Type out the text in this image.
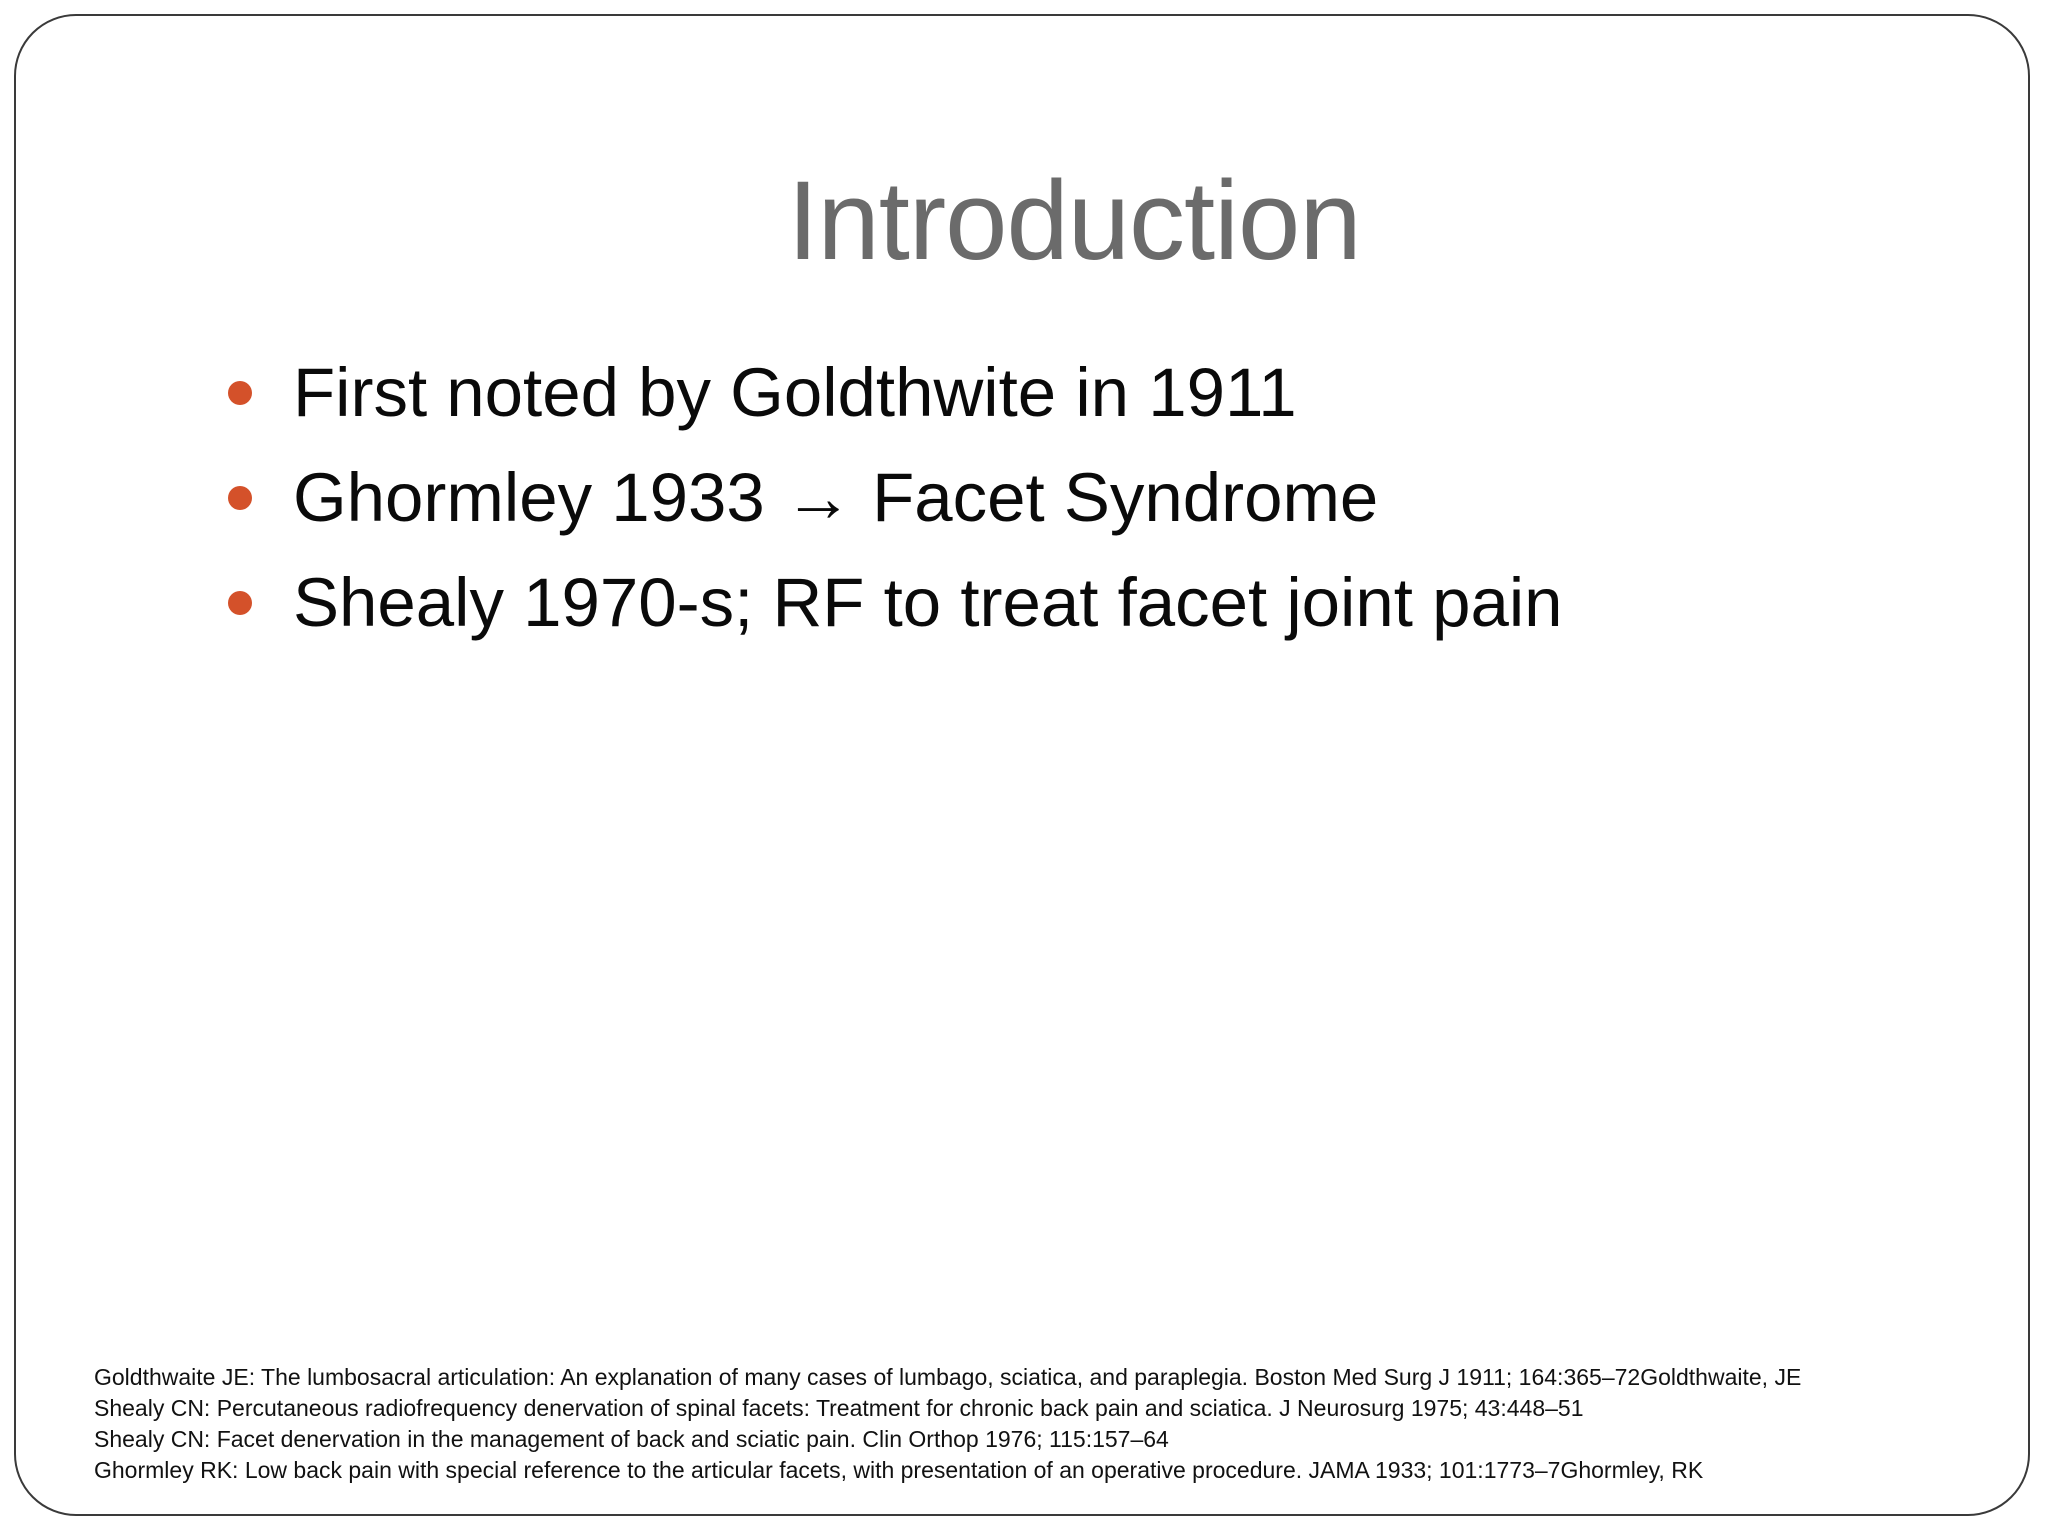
Introduction
First noted by Goldthwite in 1911
Ghormley 1933 → Facet Syndrome
Shealy 1970-s; RF to treat facet joint pain
Goldthwaite JE: The lumbosacral articulation: An explanation of many cases of lumbago, sciatica, and paraplegia. Boston Med Surg J 1911; 164:365–72Goldthwaite, JE
Shealy CN: Percutaneous radiofrequency denervation of spinal facets: Treatment for chronic back pain and sciatica. J Neurosurg 1975; 43:448–51
Shealy CN: Facet denervation in the management of back and sciatic pain. Clin Orthop 1976; 115:157–64
Ghormley RK: Low back pain with special reference to the articular facets, with presentation of an operative procedure. JAMA 1933; 101:1773–7Ghormley, RK
